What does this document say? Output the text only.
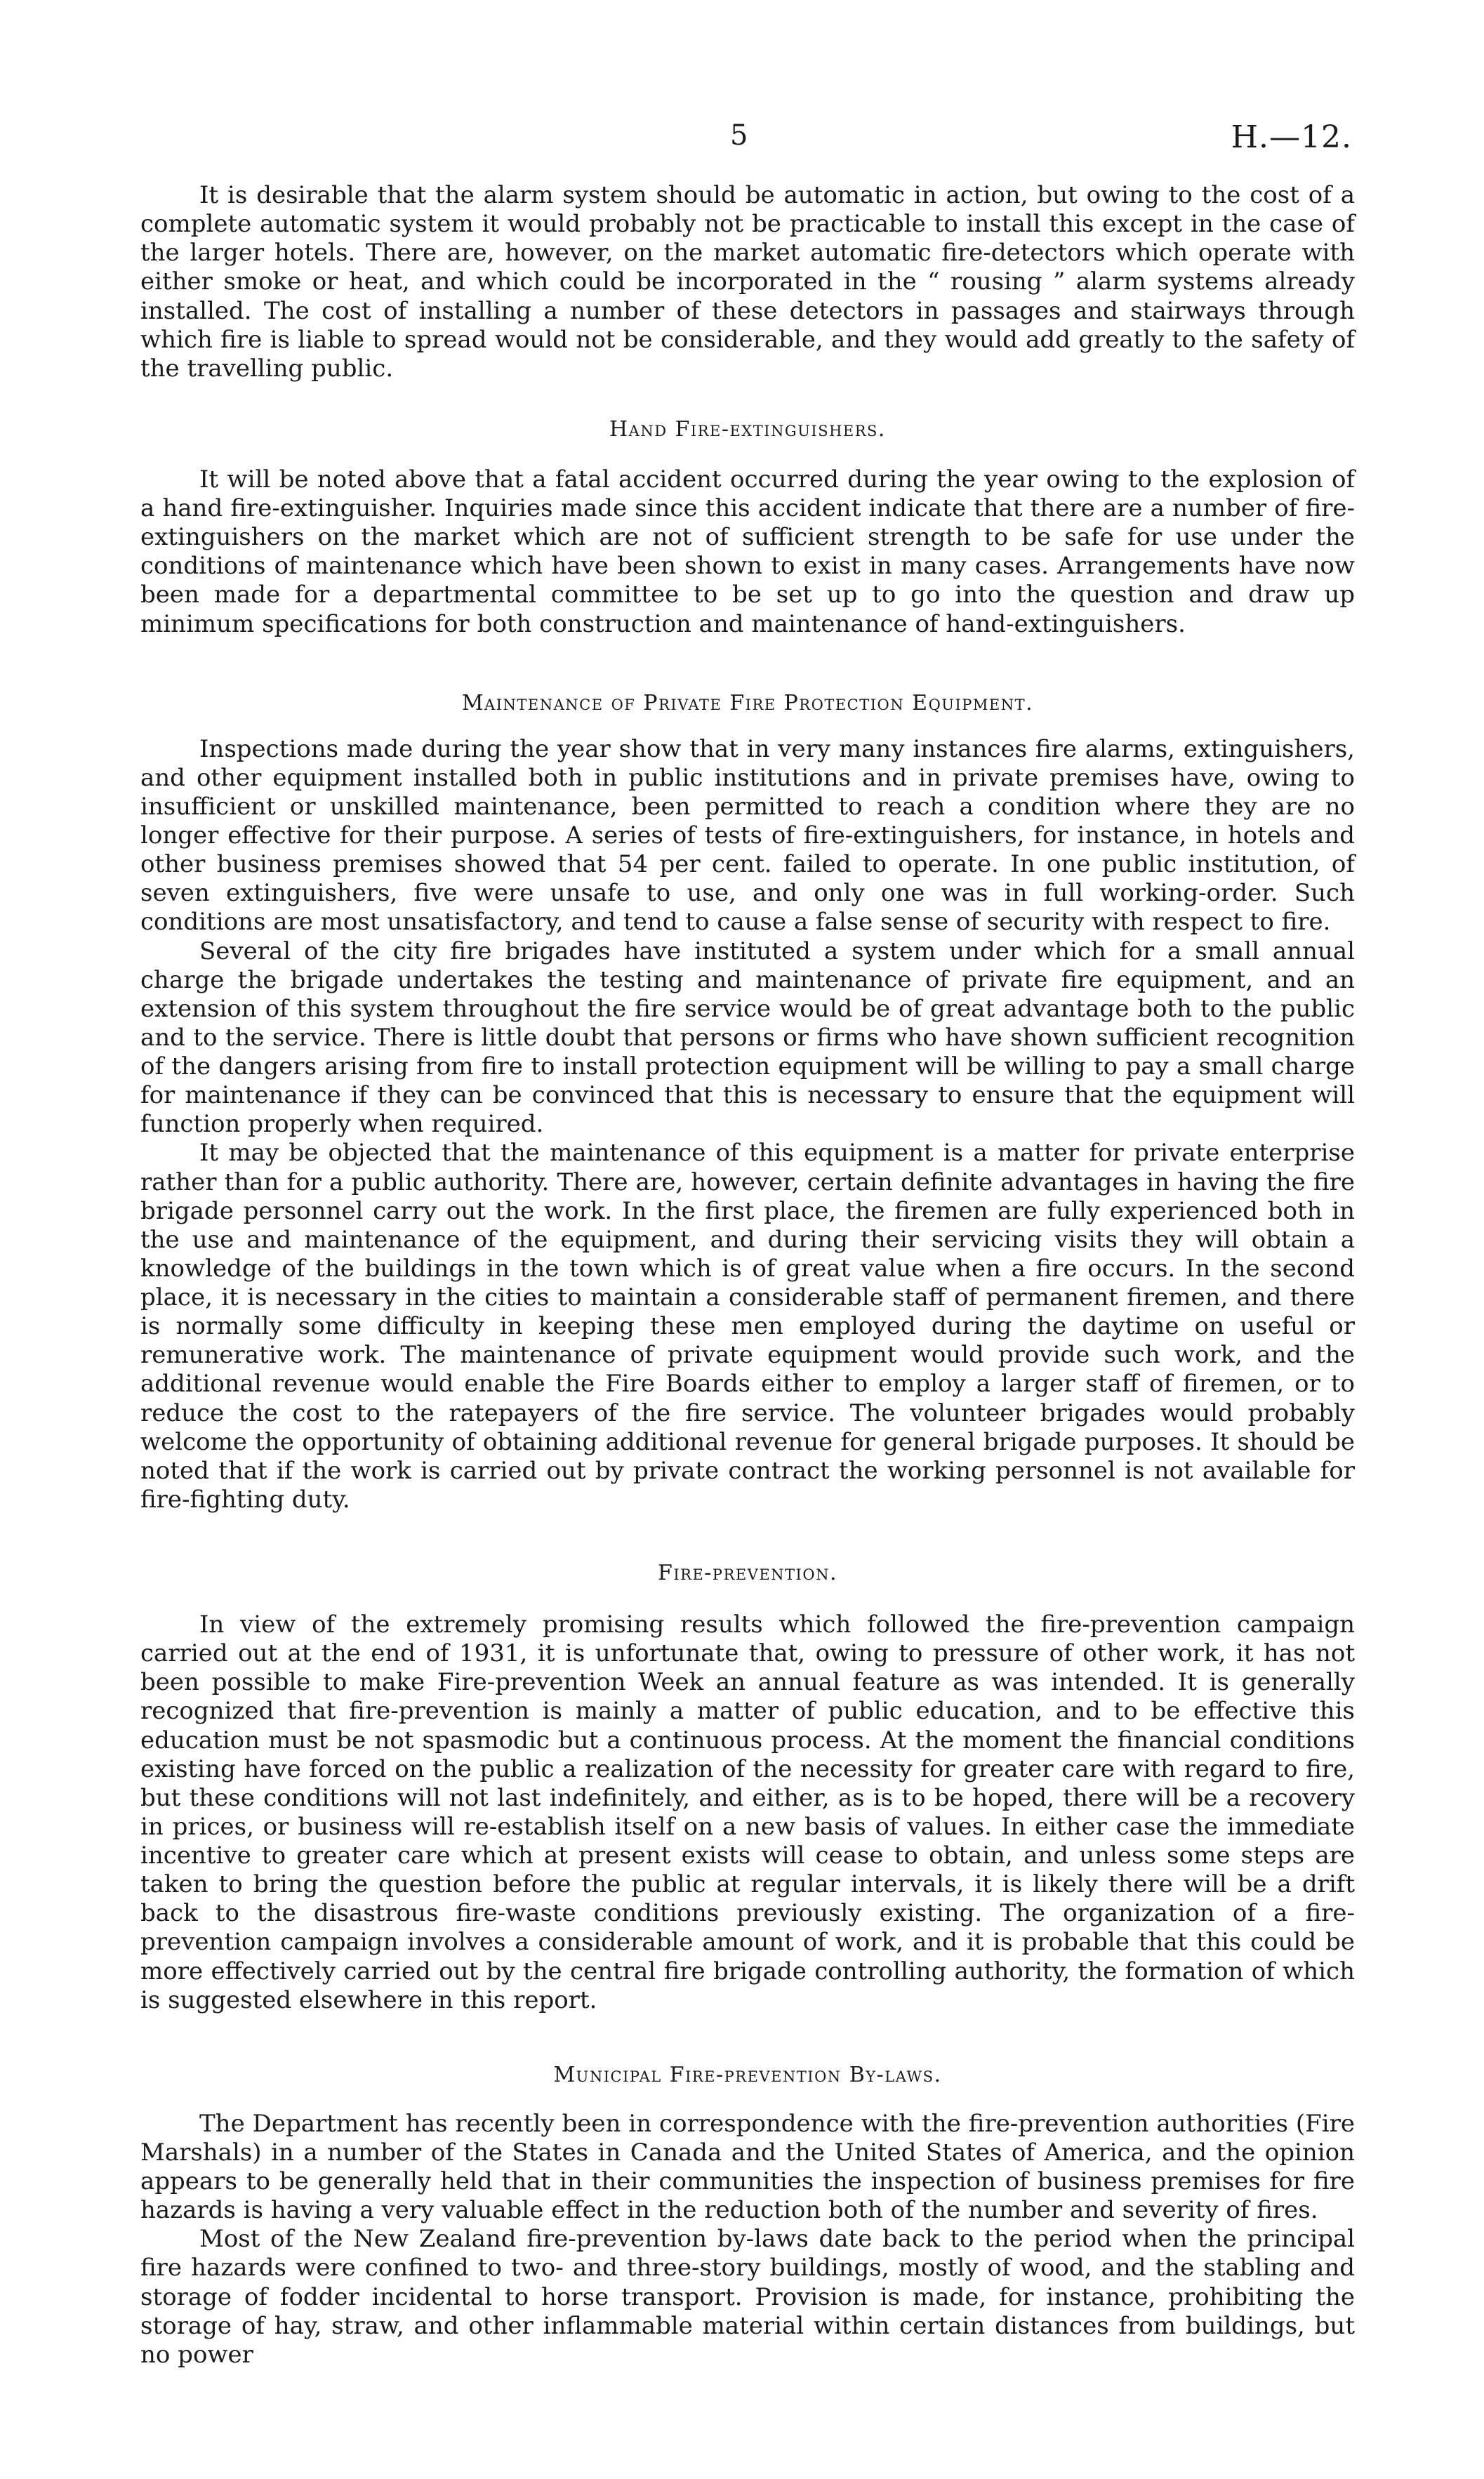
5	H.—12.

It is desirable that the alarm system should be automatic in action, but owing to the cost of a complete automatic system it would probably not be practicable to install this except in the case of the larger hotels. There are, however, on the market automatic fire-detectors which operate with either smoke or heat, and which could be incorporated in the “ rousing ” alarm systems already installed. The cost of installing a number of these detectors in passages and stairways through which fire is liable to spread would not be considerable, and they would add greatly to the safety of the travelling public.

Hand Fire-extinguishers.

It will be noted above that a fatal accident occurred during the year owing to the explosion of a hand fire-extinguisher. Inquiries made since this accident indicate that there are a number of fire-extinguishers on the market which are not of sufficient strength to be safe for use under the conditions of maintenance which have been shown to exist in many cases. Arrangements have now been made for a departmental committee to be set up to go into the question and draw up minimum specifications for both construction and maintenance of hand-extinguishers.

Maintenance of Private Fire Protection Equipment.

Inspections made during the year show that in very many instances fire alarms, extinguishers, and other equipment installed both in public institutions and in private premises have, owing to insufficient or unskilled maintenance, been permitted to reach a condition where they are no longer effective for their purpose. A series of tests of fire-extinguishers, for instance, in hotels and other business premises showed that 54 per cent. failed to operate. In one public institution, of seven extinguishers, five were unsafe to use, and only one was in full working-order. Such conditions are most unsatisfactory, and tend to cause a false sense of security with respect to fire.

Several of the city fire brigades have instituted a system under which for a small annual charge the brigade undertakes the testing and maintenance of private fire equipment, and an extension of this system throughout the fire service would be of great advantage both to the public and to the service. There is little doubt that persons or firms who have shown sufficient recognition of the dangers arising from fire to install protection equipment will be willing to pay a small charge for maintenance if they can be convinced that this is necessary to ensure that the equipment will function properly when required.

It may be objected that the maintenance of this equipment is a matter for private enterprise rather than for a public authority. There are, however, certain definite advantages in having the fire brigade personnel carry out the work. In the first place, the firemen are fully experienced both in the use and maintenance of the equipment, and during their servicing visits they will obtain a knowledge of the buildings in the town which is of great value when a fire occurs. In the second place, it is necessary in the cities to maintain a considerable staff of permanent firemen, and there is normally some difficulty in keeping these men employed during the daytime on useful or remunerative work. The maintenance of private equipment would provide such work, and the additional revenue would enable the Fire Boards either to employ a larger staff of firemen, or to reduce the cost to the ratepayers of the fire service. The volunteer brigades would probably welcome the opportunity of obtaining additional revenue for general brigade purposes. It should be noted that if the work is carried out by private contract the working personnel is not available for fire-fighting duty.

Fire-prevention.

In view of the extremely promising results which followed the fire-prevention campaign carried out at the end of 1931, it is unfortunate that, owing to pressure of other work, it has not been possible to make Fire-prevention Week an annual feature as was intended. It is generally recognized that fire-prevention is mainly a matter of public education, and to be effective this education must be not spasmodic but a continuous process. At the moment the financial conditions existing have forced on the public a realization of the necessity for greater care with regard to fire, but these conditions will not last indefinitely, and either, as is to be hoped, there will be a recovery in prices, or business will re-establish itself on a new basis of values. In either case the immediate incentive to greater care which at present exists will cease to obtain, and unless some steps are taken to bring the question before the public at regular intervals, it is likely there will be a drift back to the disastrous fire-waste conditions previously existing. The organization of a fire-prevention campaign involves a considerable amount of work, and it is probable that this could be more effectively carried out by the central fire brigade controlling authority, the formation of which is suggested elsewhere in this report.

Municipal Fire-prevention By-laws.

The Department has recently been in correspondence with the fire-prevention authorities (Fire Marshals) in a number of the States in Canada and the United States of America, and the opinion appears to be generally held that in their communities the inspection of business premises for fire hazards is having a very valuable effect in the reduction both of the number and severity of fires.

Most of the New Zealand fire-prevention by-laws date back to the period when the principal fire hazards were confined to two- and three-story buildings, mostly of wood, and the stabling and storage of fodder incidental to horse transport. Provision is made, for instance, prohibiting the storage of hay, straw, and other inflammable material within certain distances from buildings, but no power
